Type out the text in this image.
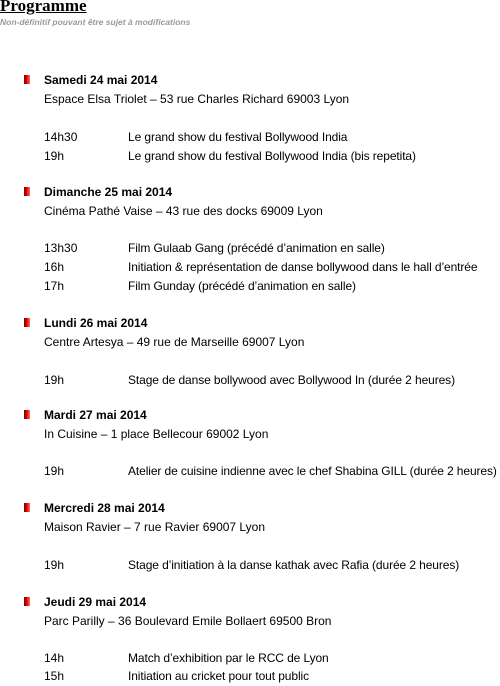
Programme
Non-définitif pouvant être sujet à modifications
Samedi 24 mai 2014
Espace Elsa Triolet – 53 rue Charles Richard 69003 Lyon
14h30	Le grand show du festival Bollywood India
19h	Le grand show du festival Bollywood India (bis repetita)
Dimanche 25 mai 2014
Cinéma Pathé Vaise – 43 rue des docks 69009 Lyon
13h30	Film Gulaab Gang (précédé d’animation en salle)
16h	Initiation & représentation de danse bollywood dans le hall d’entrée
17h	Film Gunday (précédé d’animation en salle)
Lundi 26 mai 2014
Centre Artesya – 49 rue de Marseille 69007 Lyon
19h	Stage de danse bollywood avec Bollywood In (durée 2 heures)
Mardi 27 mai 2014
In Cuisine – 1 place Bellecour 69002 Lyon
19h	Atelier de cuisine indienne avec le chef Shabina GILL (durée 2 heures)
Mercredi 28 mai 2014
Maison Ravier – 7 rue Ravier 69007 Lyon
19h	Stage d’initiation à la danse kathak avec Rafia (durée 2 heures)
Jeudi 29 mai 2014
Parc Parilly – 36 Boulevard Emile Bollaert 69500 Bron
14h	Match d’exhibition par le RCC de Lyon
15h	Initiation au cricket pour tout public
